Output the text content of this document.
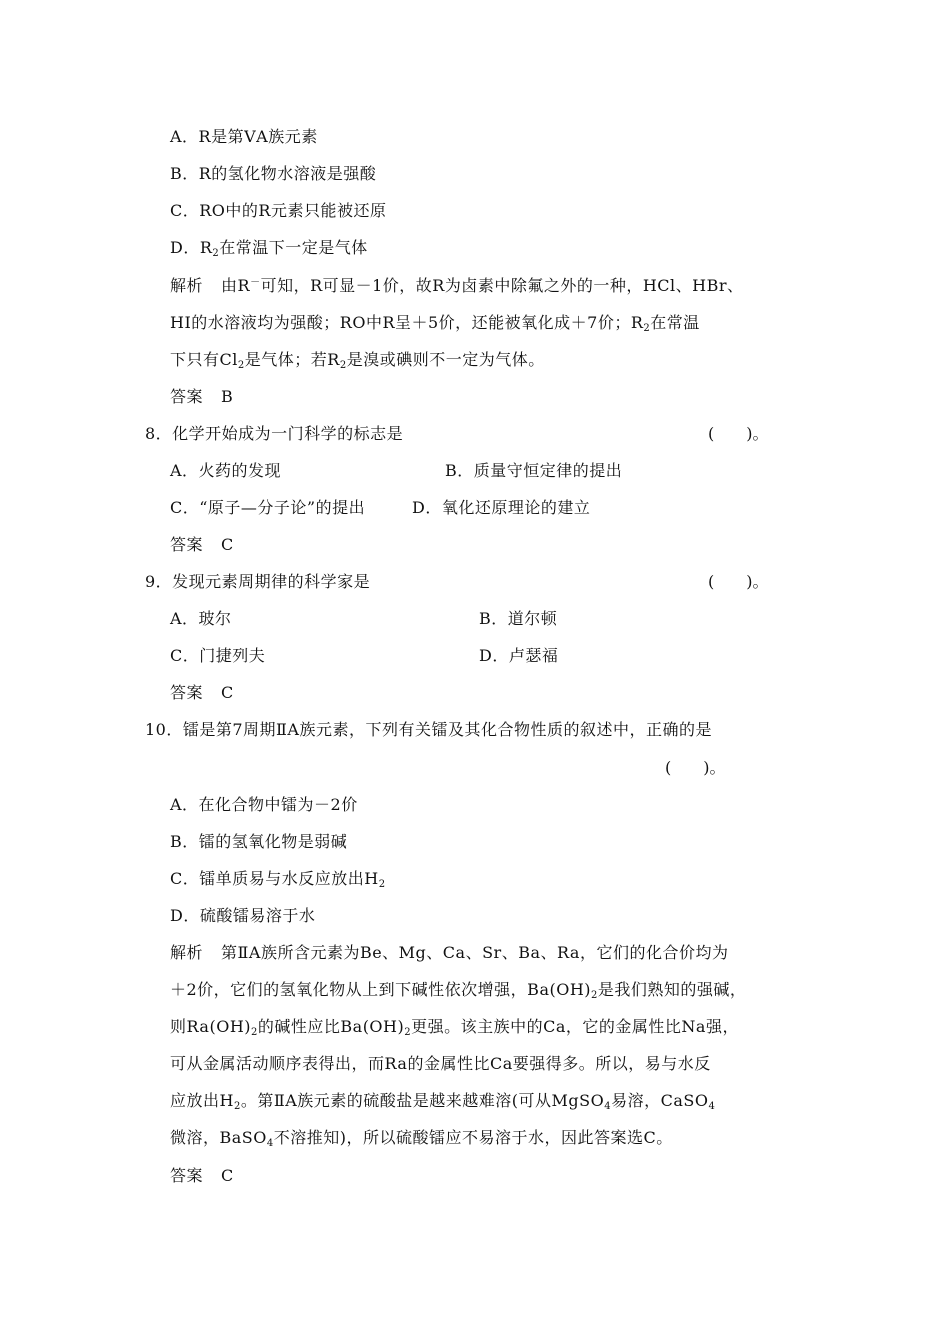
A．R是第ⅤA族元素
B．R的氢化物水溶液是强酸
C．RO中的R元素只能被还原
D．$R_2$在常温下一定是气体
解析 由R－可知，R可显－1价，故R为卤素中除氟之外的一种，HCl、HBr、
HI的水溶液均为强酸；RO中R呈＋5价，还能被氧化成＋7价；$R_2$在常温
下只有$Cl_2$是气体；若$R_2$是溴或碘则不一定为气体。
答案 B
8．化学开始成为一门科学的标志是	(　　)。
A．火药的发现	B．质量守恒定律的提出
C．“原子—分子论”的提出	D．氧化还原理论的建立
答案 C
9．发现元素周期律的科学家是	(　　)。
A．玻尔	B．道尔顿
C．门捷列夫	D．卢瑟福
答案 C
10．镭是第7周期ⅡA族元素，下列有关镭及其化合物性质的叙述中，正确的是
(　　)。
A．在化合物中镭为－2价
B．镭的氢氧化物是弱碱
C．镭单质易与水反应放出$H_2$
D．硫酸镭易溶于水
解析 第ⅡA族所含元素为Be、Mg、Ca、Sr、Ba、Ra，它们的化合价均为
＋2价，它们的氢氧化物从上到下碱性依次增强，$Ba(OH)_2$是我们熟知的强碱，
则$Ra(OH)_2$的碱性应比$Ba(OH)_2$更强。该主族中的Ca，它的金属性比Na强，
可从金属活动顺序表得出，而Ra的金属性比Ca要强得多。所以，易与水反
应放出$H_2$。第ⅡA族元素的硫酸盐是越来越难溶(可从MgSO$_4$易溶，CaSO$_4$
微溶，BaSO$_4$不溶推知)，所以硫酸镭应不易溶于水，因此答案选C。
答案 C
